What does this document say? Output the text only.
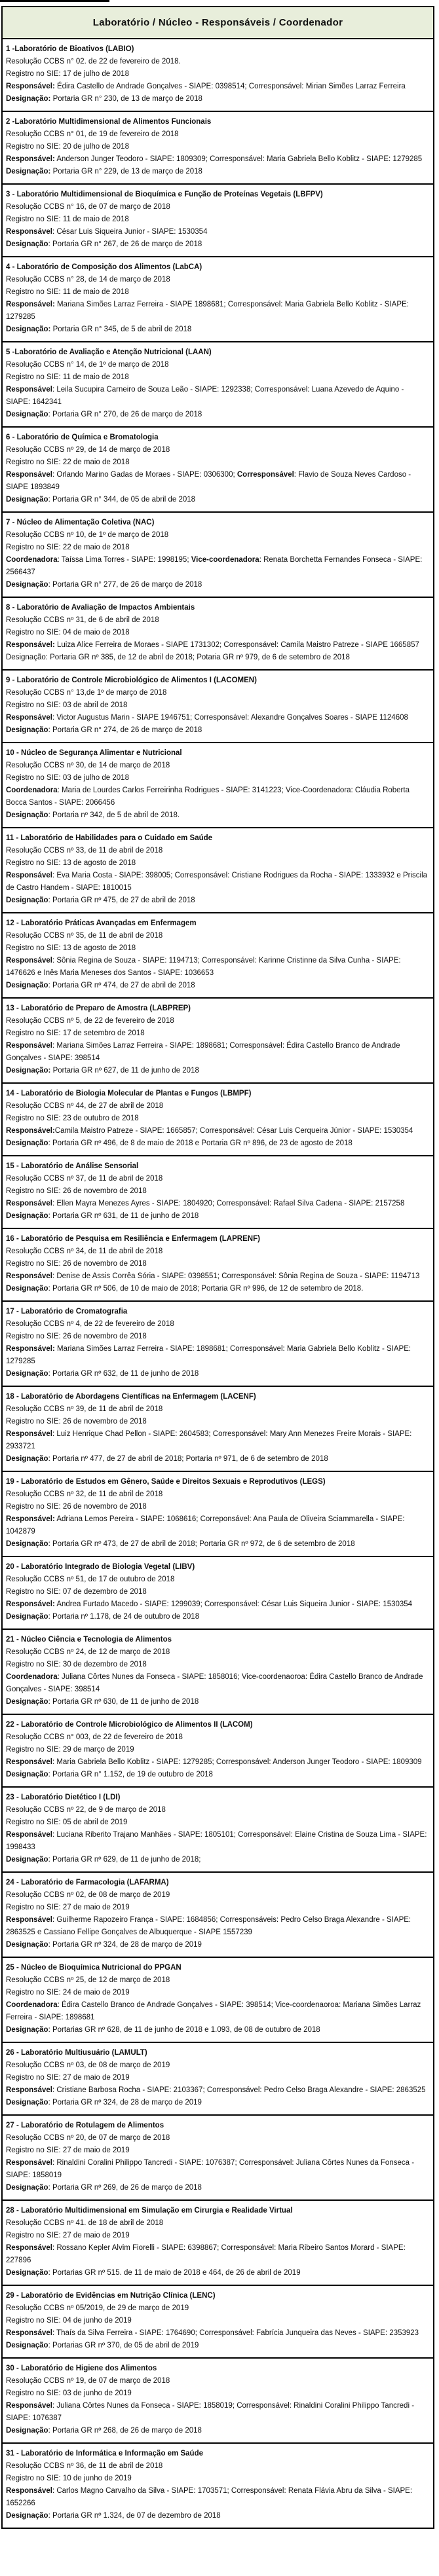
Laboratório / Núcleo - Responsáveis / Coordenador

1 -Laboratório de Bioativos (LABIO)

Resolução CCBS n° 02. de 22 de fevereiro de 2018.

Registro no SIE: 17 de julho de 2018

Responsável: Édira Castello de Andrade Gonçalves - SIAPE: 0398514; Corresponsável: Mirian Simões Larraz Ferreira

Designação: Portaria GR n° 230, de 13 de março de 2018

2 -Laboratório Multidimensional de Alimentos Funcionais

Resolução CCBS n° 01, de 19 de fevereiro de 2018

Registro no SIE: 20 de julho de 2018

Responsável: Anderson Junger Teodoro - SIAPE: 1809309; Corresponsável: Maria Gabriela Bello Koblitz - SIAPE: 1279285

Designação: Portaria GR n° 229, de 13 de março de 2018

3 - Laboratório Multidimensional de Bioquímica e Função de Proteínas Vegetais (LBFPV)

Resolução CCBS n° 16, de 07 de março de 2018

Registro no SIE: 11 de maio de 2018

Responsável: César Luis Siqueira Junior - SIAPE: 1530354

Designação: Portaria GR n° 267, de 26 de março de 2018

4 - Laboratório de Composição dos Alimentos (LabCA)

Resolução CCBS n° 28, de 14 de março de 2018

Registro no SIE: 11 de maio de 2018

Responsável: Mariana Simões Larraz Ferreira - SIAPE 1898681; Corresponsável: Maria Gabriela Bello Koblitz - SIAPE: 1279285

Designação: Portaria GR n° 345, de 5 de abril de 2018

5 -Laboratório de Avaliação e Atenção Nutricional (LAAN)

Resolução CCBS n° 14, de 1º de março de 2018

Registro no SIE: 11 de maio de 2018

Responsável: Leila Sucupira Carneiro de Souza Leão - SIAPE: 1292338; Corresponsável: Luana Azevedo de Aquino - SIAPE: 1642341

Designação: Portaria GR n° 270, de 26 de março de 2018

6 - Laboratório de Química e Bromatologia

Resolução CCBS nº 29, de 14 de março de 2018

Registro no SIE: 22 de maio de 2018

Responsável: Orlando Marino Gadas de Moraes - SIAPE: 0306300; Corresponsável: Flavio de Souza Neves Cardoso - SIAPE 1893849

Designação: Portaria GR n° 344, de 05 de abril de 2018

7 - Núcleo de Alimentação Coletiva (NAC)

Resolução CCBS nº 10, de 1º de março de 2018

Registro no SIE: 22 de maio de 2018

Coordenadora: Taíssa Lima Torres - SIAPE: 1998195; Vice-coordenadora: Renata Borchetta Fernandes Fonseca - SIAPE: 2566437

Designação: Portaria GR n° 277, de 26 de março de 2018

8 - Laboratório de Avaliação de Impactos Ambientais

Resolução CCBS nº 31, de 6 de abril de 2018

Registro no SIE: 04 de maio de 2018

Responsável: Luiza Alice Ferreira de Moraes - SIAPE 1731302; Corresponsável: Camila Maistro Patreze - SIAPE 1665857

Designação: Portaria GR nº 385, de 12 de abril de 2018; Potaria GR nº 979, de 6 de setembro de 2018

9 - Laboratório de Controle Microbiológico de Alimentos I (LACOMEN)

Resolução CCBS n° 13,de 1º de março de 2018

Registro no SIE: 03 de abril de 2018

Responsável: Victor Augustus Marin - SIAPE 1946751; Corresponsável: Alexandre Gonçalves Soares - SIAPE 1124608

Designação: Portaria GR n° 274, de 26 de março de 2018

10 - Núcleo de Segurança Alimentar e Nutricional

Resolução CCBS nº 30, de 14 de março de 2018

Registro no SIE: 03 de julho de 2018

Coordenadora: Maria de Lourdes Carlos Ferreirinha Rodrigues - SIAPE: 3141223; Vice-Coordenadora: Cláudia Roberta Bocca Santos - SIAPE: 2066456

Designação: Portaria nº 342, de 5 de abril de 2018.

11 - Laboratório de Habilidades para o Cuidado em Saúde

Resolução CCBS nº 33, de 11 de abril de 2018

Registro no SIE: 13 de agosto de 2018

Responsável: Eva Maria Costa - SIAPE: 398005; Corresponsável: Cristiane Rodrigues da Rocha - SIAPE: 1333932 e Priscila de Castro Handem - SIAPE: 1810015

Designação: Portaria GR nº 475, de 27 de abril de 2018

12 - Laboratório Práticas Avançadas em Enfermagem

Resolução CCBS nº 35, de 11 de abril de 2018

Registro no SIE: 13 de agosto de 2018

Responsável: Sônia Regina de Souza - SIAPE: 1194713; Corresponsável: Karinne Cristinne da Silva Cunha - SIAPE: 1476626 e Inês Maria Meneses dos Santos - SIAPE: 1036653

Designação: Portaria GR nº 474, de 27 de abril de 2018

13 - Laboratório de Preparo de Amostra (LABPREP)

Resolução CCBS nº 5, de 22 de fevereiro de 2018

Registro no SIE: 17 de setembro de 2018

Responsável: Mariana Simões Larraz Ferreira - SIAPE: 1898681; Corresponsável: Édira Castello Branco de Andrade Gonçalves - SIAPE: 398514

Designação: Portaria GR nº 627, de 11 de junho de 2018

14 - Laboratório de Biologia Molecular de Plantas e Fungos (LBMPF)

Resolução CCBS nº 44, de 27 de abril de 2018

Registro no SIE: 23 de outubro de 2018

Responsável:Camila Maistro Patreze - SIAPE: 1665857; Corresponsável: César Luis Cerqueira Júnior - SIAPE: 1530354

Designação: Portaria GR nº 496, de 8 de maio de 2018 e Portaria GR nº 896, de 23 de agosto de 2018

15 - Laboratório de Análise Sensorial

Resolução CCBS nº 37, de 11 de abril de 2018

Registro no SIE: 26 de novembro de 2018

Responsável: Ellen Mayra Menezes Ayres - SIAPE: 1804920; Corresponsável: Rafael Silva Cadena - SIAPE: 2157258

Designação: Portaria GR nº 631, de 11 de junho de 2018

16 - Laboratório de Pesquisa em Resiliência e Enfermagem (LAPRENF)

Resolução CCBS nº 34, de 11 de abril de 2018

Registro no SIE: 26 de novembro de 2018

Responsável: Denise de Assis Corrêa Sória - SIAPE: 0398551; Corresponsável: Sônia Regina de Souza - SIAPE: 1194713

Designação: Portaria GR nº 506, de 10 de maio de 2018; Portaria GR nº 996, de 12 de setembro de 2018.

17 - Laboratório de Cromatografia

Resolução CCBS nº 4, de 22 de fevereiro de 2018

Registro no SIE: 26 de novembro de 2018

Responsável: Mariana Simões Larraz Ferreira - SIAPE: 1898681; Corresponsável: Maria Gabriela Bello Koblitz - SIAPE: 1279285

Designação: Portaria GR nº 632, de 11 de junho de 2018

18 - Laboratório de Abordagens Científicas na Enfermagem (LACENF)

Resolução CCBS nº 39, de 11 de abril de 2018

Registro no SIE: 26 de novembro de 2018

Responsável: Luiz Henrique Chad Pellon - SIAPE: 2604583; Corresponsável: Mary Ann Menezes Freire Morais - SIAPE: 2933721

Designação: Portaria nº 477, de 27 de abril de 2018; Portaria nº 971, de 6 de setembro de 2018

19 - Laboratório de Estudos em Gênero, Saúde e Direitos Sexuais e Reprodutivos (LEGS)

Resolução CCBS nº 32, de 11 de abril de 2018

Registro no SIE: 26 de novembro de 2018

Responsável: Adriana Lemos Pereira - SIAPE: 1068616; Correponsável: Ana Paula de Oliveira Sciammarella - SIAPE: 1042879

Designação: Portaria GR nº 473, de 27 de abril de 2018; Portaria GR nº 972, de 6 de setembro de 2018

20 - Laboratório Integrado de Biologia Vegetal (LIBV)

Resolução CCBS nº 51, de 17 de outubro de 2018

Registro no SIE: 07 de dezembro de 2018

Responsável: Andrea Furtado Macedo - SIAPE: 1299039; Corresponsável: César Luis Siqueira Junior - SIAPE: 1530354

Designação: Portaria nº 1.178, de 24 de outubro de 2018

21 - Núcleo Ciência e Tecnologia de Alimentos

Resolução CCBS nº 24, de 12 de março de 2018

Registro no SIE: 30 de dezembro de 2018

Coordenadora: Juliana Côrtes Nunes da Fonseca - SIAPE: 1858016; Vice-coordenaoroa: Édira Castello Branco de Andrade Gonçalves - SIAPE: 398514

Designação: Portaria GR nº 630, de 11 de junho de 2018

22 - Laboratório de Controle Microbiológico de Alimentos II (LACOM)

Resolução CCBS n° 003, de 22 de fevereiro de 2018

Registro no SIE: 29 de março de 2019

Responsável: Maria Gabriela Bello Koblitz - SIAPE: 1279285; Corresponsável: Anderson Junger Teodoro - SIAPE: 1809309

Designação: Portaria GR n° 1.152, de 19 de outubro de 2018

23 - Laboratório Dietético I (LDI)

Resolução CCBS nº 22, de 9 de março de 2018

Registro no SIE: 05 de abril de 2019

Responsável: Luciana Riberito Trajano Manhães - SIAPE: 1805101; Corresponsável: Elaine Cristina de Souza Lima - SIAPE: 1998433

Designação: Portaria GR nº 629, de 11 de junho de 2018;

24 - Laboratório de Farmacologia (LAFARMA)

Resolução CCBS nº 02, de 08 de março de 2019

Registro no SIE: 27 de maio de 2019

Responsável: Guilherme Rapozeiro França - SIAPE: 1684856; Corresponsáveis: Pedro Celso Braga Alexandre - SIAPE: 2863525 e Cassiano Fellipe Gonçalves de Albuquerque - SIAPE 1557239

Designação: Portaria GR nº 324, de 28 de março de 2019

25 - Núcleo de Bioquímica Nutricional do PPGAN

Resolução CCBS nº 25, de 12 de março de 2018

Registro no SIE: 24 de maio de 2019

Coordenadora: Édira Castello Branco de Andrade Gonçalves - SIAPE: 398514; Vice-coordenaoroa: Mariana Simões Larraz Ferreira - SIAPE: 1898681

Designação: Portarias GR nº 628, de 11 de junho de 2018 e 1.093, de 08 de outubro de 2018

26 - Laboratório Multiusuário (LAMULT)

Resolução CCBS nº 03, de 08 de março de 2019

Registro no SIE: 27 de maio de 2019

Responsável: Cristiane Barbosa Rocha - SIAPE: 2103367; Corresponsável: Pedro Celso Braga Alexandre - SIAPE: 2863525

Designação: Portaria GR nº 324, de 28 de março de 2019

27 - Laboratório de Rotulagem de Alimentos

Resolução CCBS nº 20, de 07 de março de 2018

Registro no SIE: 27 de maio de 2019

Responsável: Rinaldini Coralini Philippo Tancredi - SIAPE: 1076387; Corresponsável: Juliana Côrtes Nunes da Fonseca - SIAPE: 1858019

Designação: Portaria GR nº 269, de 26 de março de 2018

28 - Laboratório Multidimensional em Simulação em Cirurgia e Realidade Virtual

Resolução CCBS nº 41. de 18 de abril de 2018

Registro no SIE: 27 de maio de 2019

Responsável: Rossano Kepler Alvim Fiorelli - SIAPE: 6398867; Corresponsável: Maria Ribeiro Santos Morard - SIAPE: 227896

Designação: Portarias GR nº 515. de 11 de maio de 2018 e 464, de 26 de abril de 2019

29 - Laboratório de Evidências em Nutrição Clínica (LENC)

Resolução CCBS nº 05/2019, de 29 de março de 2019

Registro no SIE: 04 de junho de 2019

Responsável: Thaís da Silva Ferreira - SIAPE: 1764690; Corresponsável: Fabrícia Junqueira das Neves - SIAPE: 2353923

Designação: Portarias GR nº 370, de 05 de abril de 2019

30 - Laboratório de Higiene dos Alimentos

Resolução CCBS nº 19, de 07 de março de 2018

Registro no SIE: 03 de junho de 2019

Responsável: Juliana Côrtes Nunes da Fonseca - SIAPE: 1858019; Corresponsável: Rinaldini Coralini Philippo Tancredi - SIAPE: 1076387

Designação: Portaria GR nº 268, de 26 de março de 2018

31 - Laboratório de Informática e Informação em Saúde

Resolução CCBS nº 36, de 11 de abril de 2018

Registro no SIE: 10 de junho de 2019

Responsável: Carlos Magno Carvalho da Silva - SIAPE: 1703571; Corresponsável: Renata Flávia Abru da Silva - SIAPE: 1652266

Designação: Portaria GR nº 1.324, de 07 de dezembro de 2018
